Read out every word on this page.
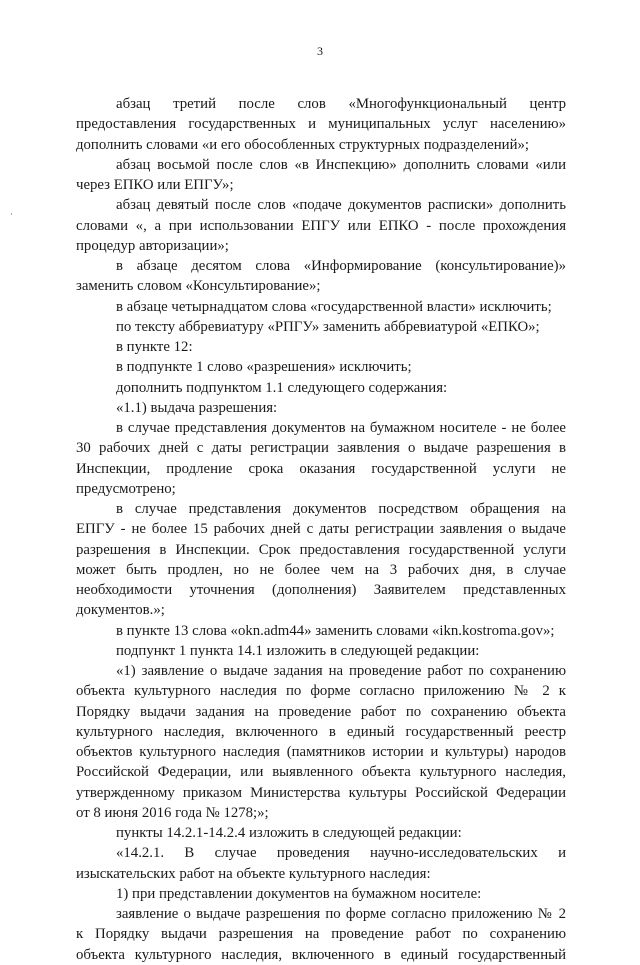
3
·
абзац третий после слов «Многофункциональный центр
предоставления государственных и муниципальных услуг населению»
дополнить словами «и его обособленных структурных подразделений»;
абзац восьмой после слов «в Инспекцию» дополнить словами «или
через ЕПКО или ЕПГУ»;
абзац девятый после слов «подаче документов расписки» дополнить
словами «, а при использовании ЕПГУ или ЕПКО - после прохождения
процедур авторизации»;
в абзаце десятом слова «Информирование (консультирование)»
заменить словом «Консультирование»;
в абзаце четырнадцатом слова «государственной власти» исключить;
по тексту аббревиатуру «РПГУ» заменить аббревиатурой «ЕПКО»;
в пункте 12:
в подпункте 1 слово «разрешения» исключить;
дополнить подпунктом 1.1 следующего содержания:
«1.1) выдача разрешения:
в случае представления документов на бумажном носителе - не более
30 рабочих дней с даты регистрации заявления о выдаче разрешения в
Инспекции, продление срока оказания государственной услуги не
предусмотрено;
в случае представления документов посредством обращения на
ЕПГУ - не более 15 рабочих дней с даты регистрации заявления о выдаче
разрешения в Инспекции. Срок предоставления государственной услуги
может быть продлен, но не более чем на 3 рабочих дня, в случае
необходимости уточнения (дополнения) Заявителем представленных
документов.»;
в пункте 13 слова «okn.adm44» заменить словами «ikn.kostroma.gov»;
подпункт 1 пункта 14.1 изложить в следующей редакции:
«1) заявление о выдаче задания на проведение работ по сохранению
объекта культурного наследия по форме согласно приложению № 2 к
Порядку выдачи задания на проведение работ по сохранению объекта
культурного наследия, включенного в единый государственный реестр
объектов культурного наследия (памятников истории и культуры) народов
Российской Федерации, или выявленного объекта культурного наследия,
утвержденному приказом Министерства культуры Российской Федерации
от 8 июня 2016 года № 1278;»;
пункты 14.2.1-14.2.4 изложить в следующей редакции:
«14.2.1. В случае проведения научно-исследовательских и
изыскательских работ на объекте культурного наследия:
1) при представлении документов на бумажном носителе:
заявление о выдаче разрешения по форме согласно приложению № 2
к Порядку выдачи разрешения на проведение работ по сохранению
объекта культурного наследия, включенного в единый государственный
